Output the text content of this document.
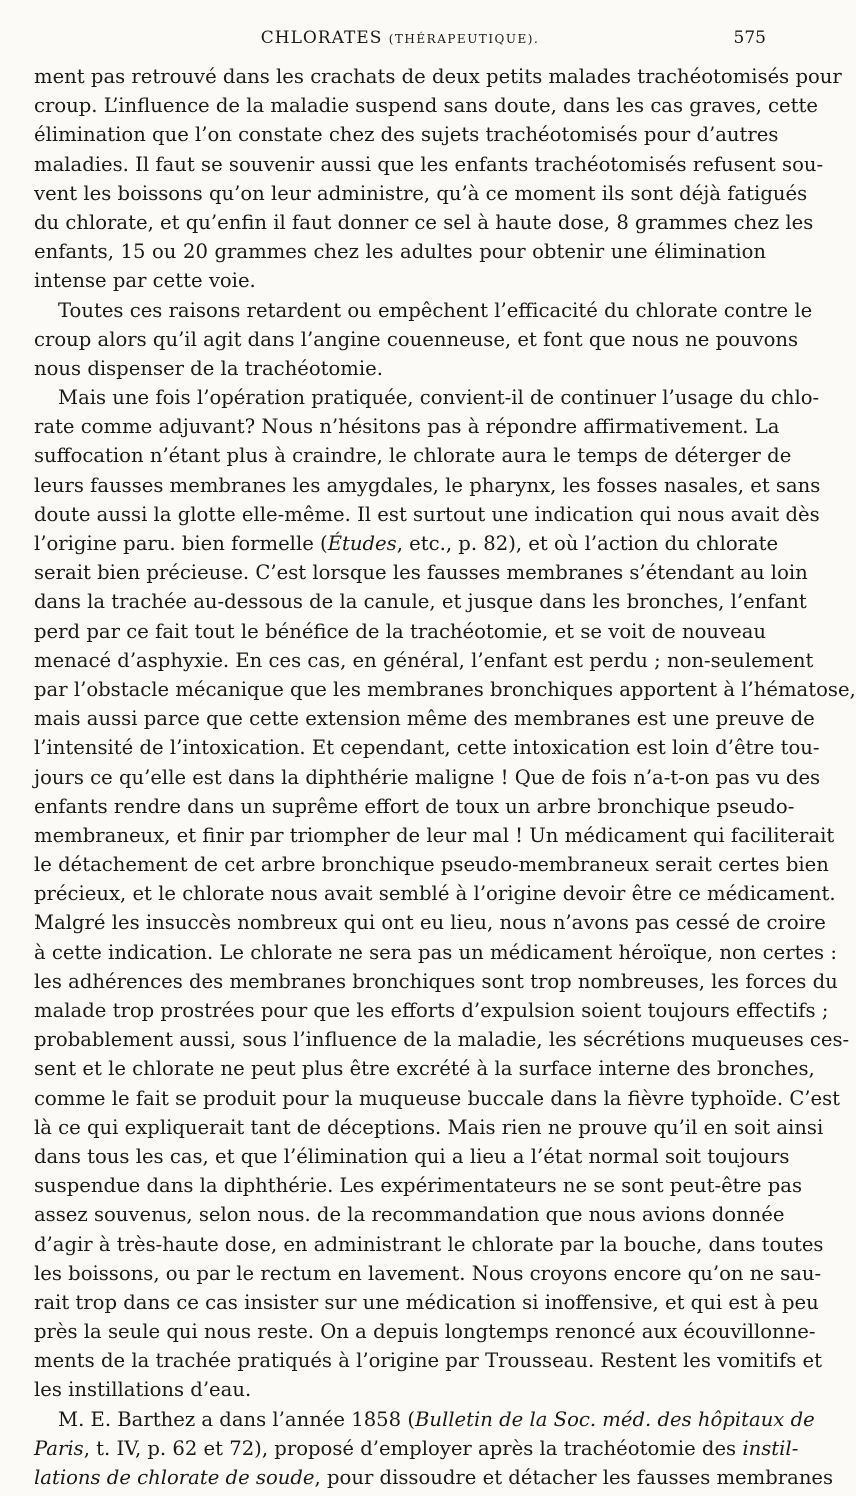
CHLORATES (THÉRAPEUTIQUE).	575
ment pas retrouvé dans les crachats de deux petits malades trachéotomisés pour
croup. L’influence de la maladie suspend sans doute, dans les cas graves, cette
élimination que l’on constate chez des sujets trachéotomisés pour d’autres
maladies. Il faut se souvenir aussi que les enfants trachéotomisés refusent sou-
vent les boissons qu’on leur administre, qu’à ce moment ils sont déjà fatigués
du chlorate, et qu’enfin il faut donner ce sel à haute dose, 8 grammes chez les
enfants, 15 ou 20 grammes chez les adultes pour obtenir une élimination
intense par cette voie.
Toutes ces raisons retardent ou empêchent l’efficacité du chlorate contre le
croup alors qu’il agit dans l’angine couenneuse, et font que nous ne pouvons
nous dispenser de la trachéotomie.
Mais une fois l’opération pratiquée, convient-il de continuer l’usage du chlo-
rate comme adjuvant? Nous n’hésitons pas à répondre affirmativement. La
suffocation n’étant plus à craindre, le chlorate aura le temps de déterger de
leurs fausses membranes les amygdales, le pharynx, les fosses nasales, et sans
doute aussi la glotte elle-même. Il est surtout une indication qui nous avait dès
l’origine paru. bien formelle (Études, etc., p. 82), et où l’action du chlorate
serait bien précieuse. C’est lorsque les fausses membranes s’étendant au loin
dans la trachée au-dessous de la canule, et jusque dans les bronches, l’enfant
perd par ce fait tout le bénéfice de la trachéotomie, et se voit de nouveau
menacé d’asphyxie. En ces cas, en général, l’enfant est perdu ; non-seulement
par l’obstacle mécanique que les membranes bronchiques apportent à l’hématose,
mais aussi parce que cette extension même des membranes est une preuve de
l’intensité de l’intoxication. Et cependant, cette intoxication est loin d’être tou-
jours ce qu’elle est dans la diphthérie maligne ! Que de fois n’a-t-on pas vu des
enfants rendre dans un suprême effort de toux un arbre bronchique pseudo-
membraneux, et finir par triompher de leur mal ! Un médicament qui faciliterait
le détachement de cet arbre bronchique pseudo-membraneux serait certes bien
précieux, et le chlorate nous avait semblé à l’origine devoir être ce médicament.
Malgré les insuccès nombreux qui ont eu lieu, nous n’avons pas cessé de croire
à cette indication. Le chlorate ne sera pas un médicament héroïque, non certes :
les adhérences des membranes bronchiques sont trop nombreuses, les forces du
malade trop prostrées pour que les efforts d’expulsion soient toujours effectifs ;
probablement aussi, sous l’influence de la maladie, les sécrétions muqueuses ces-
sent et le chlorate ne peut plus être excrété à la surface interne des bronches,
comme le fait se produit pour la muqueuse buccale dans la fièvre typhoïde. C’est
là ce qui expliquerait tant de déceptions. Mais rien ne prouve qu’il en soit ainsi
dans tous les cas, et que l’élimination qui a lieu a l’état normal soit toujours
suspendue dans la diphthérie. Les expérimentateurs ne se sont peut-être pas
assez souvenus, selon nous. de la recommandation que nous avions donnée
d’agir à très-haute dose, en administrant le chlorate par la bouche, dans toutes
les boissons, ou par le rectum en lavement. Nous croyons encore qu’on ne sau-
rait trop dans ce cas insister sur une médication si inoffensive, et qui est à peu
près la seule qui nous reste. On a depuis longtemps renoncé aux écouvillonne-
ments de la trachée pratiqués à l’origine par Trousseau. Restent les vomitifs et
les instillations d’eau.
M. E. Barthez a dans l’année 1858 (Bulletin de la Soc. méd. des hôpitaux de
Paris, t. IV, p. 62 et 72), proposé d’employer après la trachéotomie des instil-
lations de chlorate de soude, pour dissoudre et détacher les fausses membranes
